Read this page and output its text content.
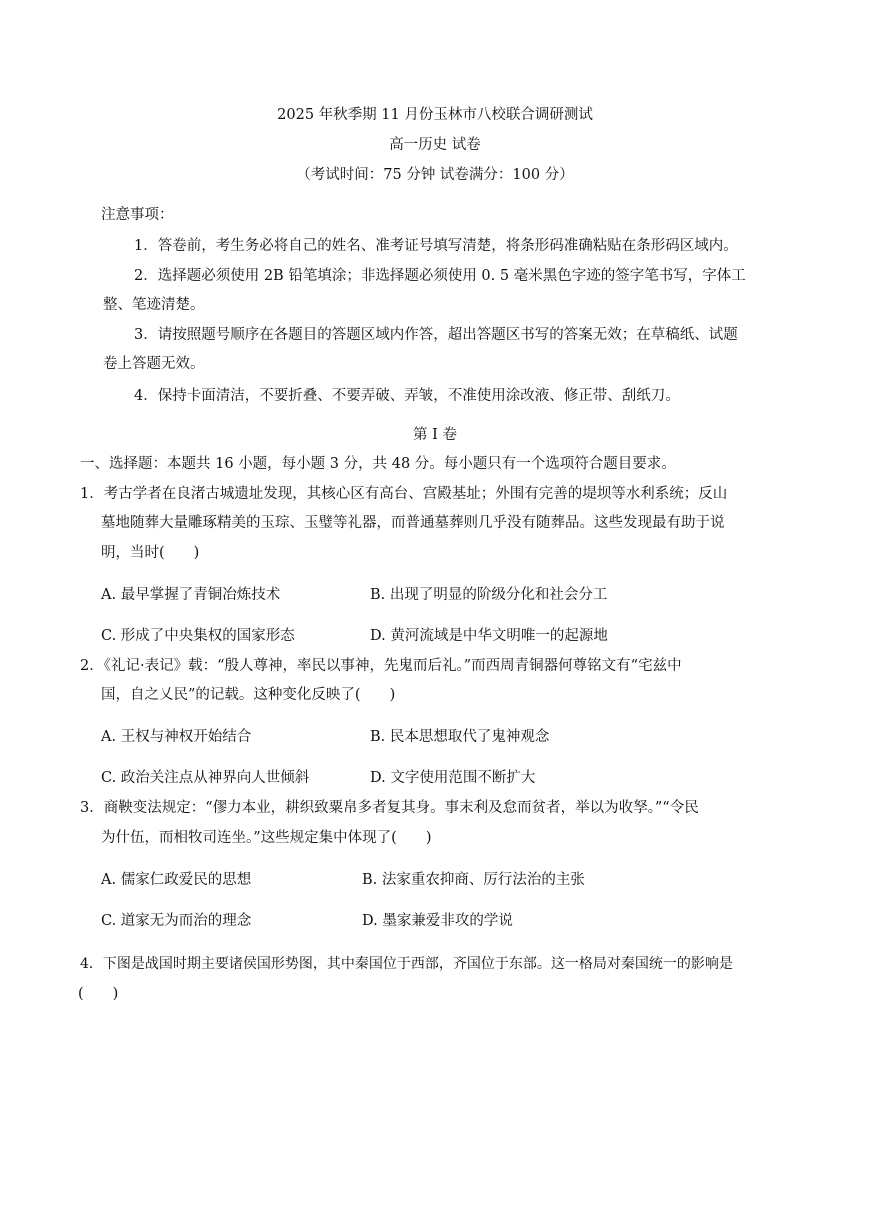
2025 年秋季期 11 月份玉林市八校联合调研测试
高一历史 试卷
（考试时间：75 分钟 试卷满分：100 分）
注意事项：
1．答卷前，考生务必将自己的姓名、准考证号填写清楚，将条形码准确粘贴在条形码区域内。
2．选择题必须使用 2B 铅笔填涂；非选择题必须使用 0. 5 毫米黑色字迹的签字笔书写，字体工
整、笔迹清楚。
3．请按照题号顺序在各题目的答题区域内作答，超出答题区书写的答案无效；在草稿纸、试题
卷上答题无效。
4．保持卡面清洁，不要折叠、不要弄破、弄皱，不准使用涂改液、修正带、刮纸刀。
第 I 卷
一、选择题：本题共 16 小题，每小题 3 分，共 48 分。每小题只有一个选项符合题目要求。
1．考古学者在良渚古城遗址发现，其核心区有高台、宫殿基址；外围有完善的堤坝等水利系统；反山
墓地随葬大量雕琢精美的玉琮、玉璧等礼器，而普通墓葬则几乎没有随葬品。这些发现最有助于说
明，当时(　　)
A. 最早掌握了青铜冶炼技术	B. 出现了明显的阶级分化和社会分工
C. 形成了中央集权的国家形态	D. 黄河流域是中华文明唯一的起源地
2．《礼记·表记》载：“殷人尊神，率民以事神，先鬼而后礼。”而西周青铜器何尊铭文有“宅兹中
国，自之乂民”的记载。这种变化反映了(　　)
A. 王权与神权开始结合	B. 民本思想取代了鬼神观念
C. 政治关注点从神界向人世倾斜	D. 文字使用范围不断扩大
3．商鞅变法规定：“僇力本业，耕织致粟帛多者复其身。事末利及怠而贫者，举以为收孥。”“令民
为什伍，而相牧司连坐。”这些规定集中体现了(　　)
A. 儒家仁政爱民的思想	B. 法家重农抑商、厉行法治的主张
C. 道家无为而治的理念	D. 墨家兼爱非攻的学说
4．下图是战国时期主要诸侯国形势图，其中秦国位于西部，齐国位于东部。这一格局对秦国统一的影响是
(　　)
